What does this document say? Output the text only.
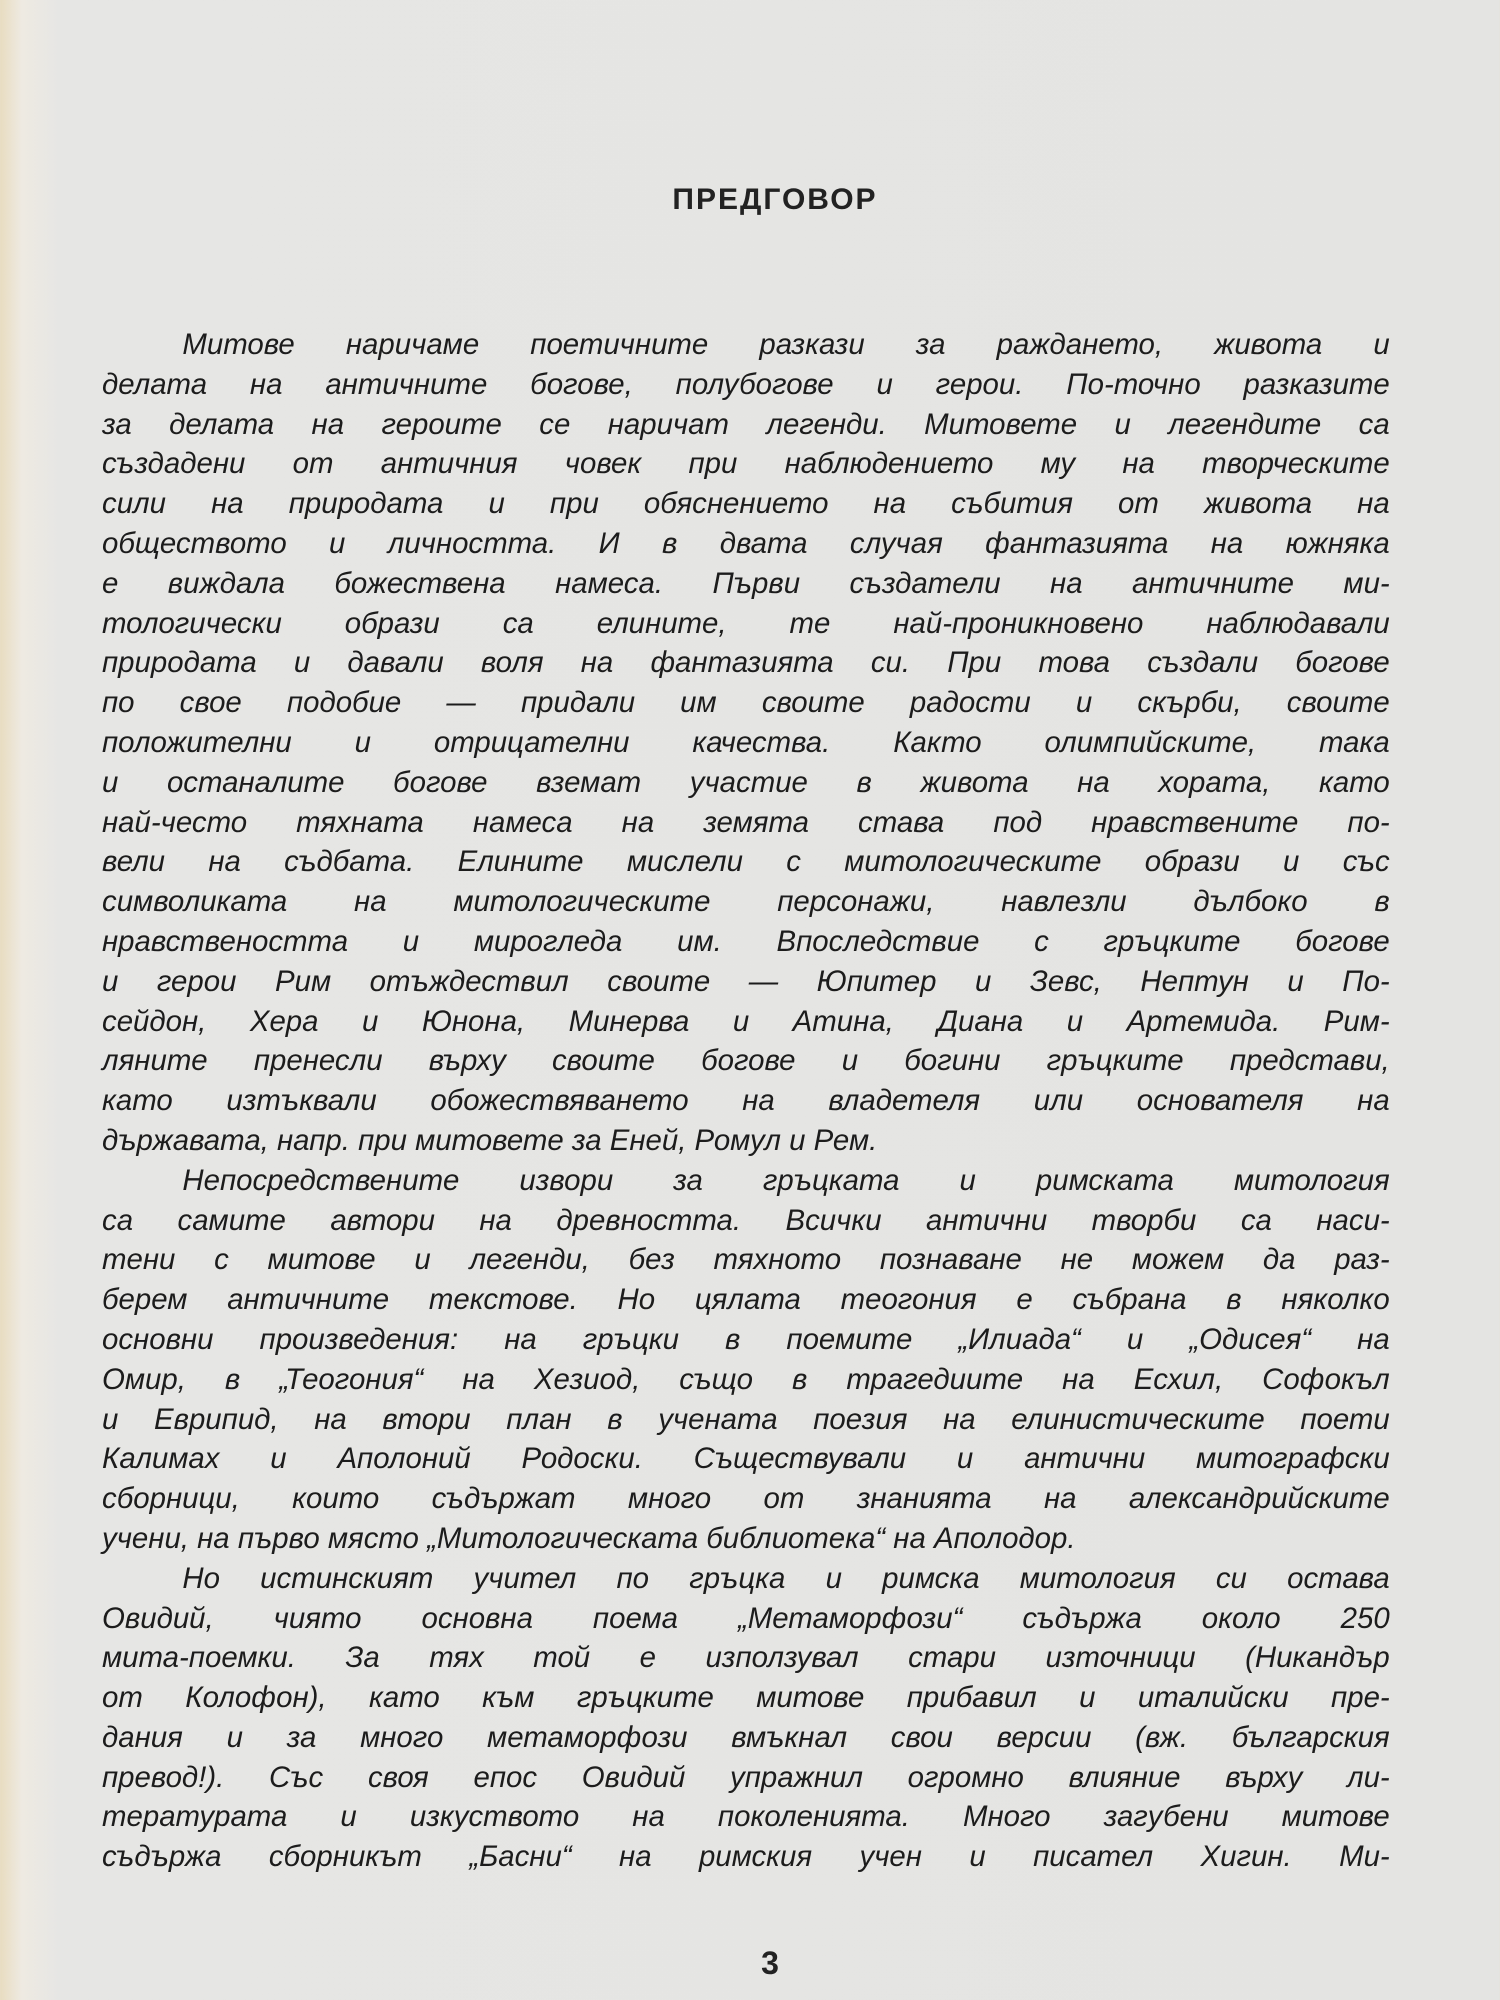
ПРЕДГОВОР
Митове наричаме поетичните разкази за раждането, живота и
делата на античните богове, полубогове и герои. По-точно разказите
за делата на героите се наричат легенди. Митовете и легендите са
създадени от античния човек при наблюдението му на творческите
сили на природата и при обяснението на събития от живота на
обществото и личността. И в двата случая фантазията на южняка
е виждала божествена намеса. Първи създатели на античните ми-
тологически образи са елините, те най-проникновено наблюдавали
природата и давали воля на фантазията си. При това създали богове
по свое подобие — придали им своите радости и скърби, своите
положителни и отрицателни качества. Както олимпийските, така
и останалите богове вземат участие в живота на хората, като
най-често тяхната намеса на земята става под нравствените по-
вели на съдбата. Елините мислели с митологическите образи и със
символиката на митологическите персонажи, навлезли дълбоко в
нравствеността и мирогледа им. Впоследствие с гръцките богове
и герои Рим отъждествил своите — Юпитер и Зевс, Нептун и По-
сейдон, Хера и Юнона, Минерва и Атина, Диана и Артемида. Рим-
ляните пренесли върху своите богове и богини гръцките представи,
като изтъквали обожествяването на владетеля или основателя на
държавата, напр. при митовете за Еней, Ромул и Рем.
Непосредствените извори за гръцката и римската митология
са самите автори на древността. Всички антични творби са наси-
тени с митове и легенди, без тяхното познаване не можем да раз-
берем античните текстове. Но цялата теогония е събрана в няколко
основни произведения: на гръцки в поемите „Илиада“ и „Одисея“ на
Омир, в „Теогония“ на Хезиод, също в трагедиите на Есхил, Софокъл
и Еврипид, на втори план в учената поезия на елинистическите поети
Калимах и Аполоний Родоски. Съществували и антични митографски
сборници, които съдържат много от знанията на александрийските
учени, на първо място „Митологическата библиотека“ на Аполодор.
Но истинският учител по гръцка и римска митология си остава
Овидий, чиято основна поема „Метаморфози“ съдържа около 250
мита-поемки. За тях той е използувал стари източници (Никандър
от Колофон), като към гръцките митове прибавил и италийски пре-
дания и за много метаморфози вмъкнал свои версии (вж. българския
превод!). Със своя епос Овидий упражнил огромно влияние върху ли-
тературата и изкуството на поколенията. Много загубени митове
съдържа сборникът „Басни“ на римския учен и писател Хигин. Ми-
3
